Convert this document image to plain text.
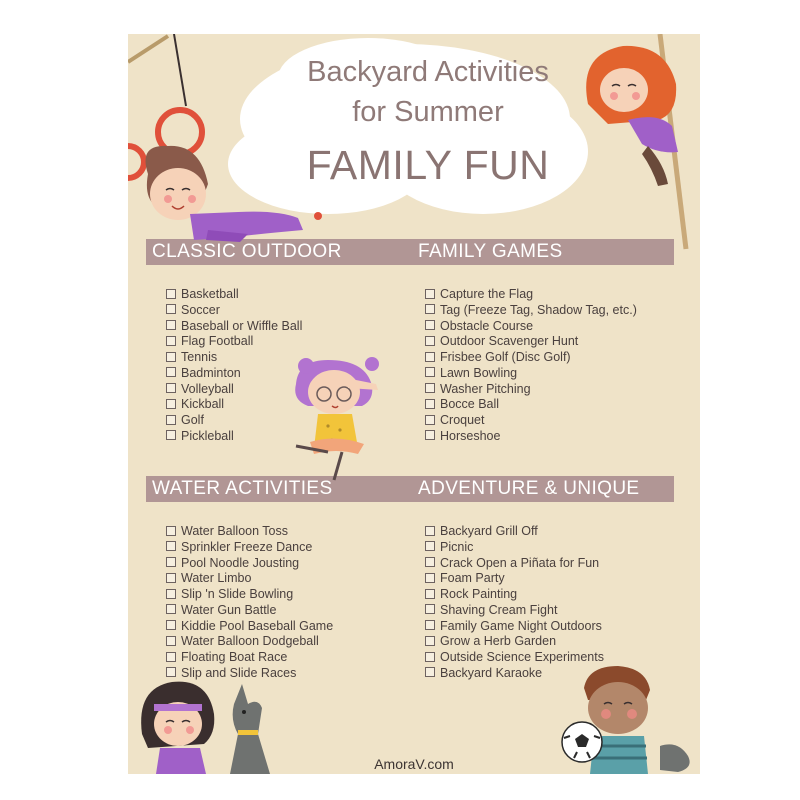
Backyard Activities
for Summer
FAMILY FUN
CLASSIC OUTDOOR	FAMILY GAMES
WATER ACTIVITIES	ADVENTURE & UNIQUE
Basketball
Soccer
Baseball or Wiffle Ball
Flag Football
Tennis
Badminton
Volleyball
Kickball
Golf
Pickleball
Capture the Flag
Tag (Freeze Tag, Shadow Tag, etc.)
Obstacle Course
Outdoor Scavenger Hunt
Frisbee Golf (Disc Golf)
Lawn Bowling
Washer Pitching
Bocce Ball
Croquet
Horseshoe
Water Balloon Toss
Sprinkler Freeze Dance
Pool Noodle Jousting
Water Limbo
Slip 'n Slide Bowling
Water Gun Battle
Kiddie Pool Baseball Game
Water Balloon Dodgeball
Floating Boat Race
Slip and Slide Races
Backyard Grill Off
Picnic
Crack Open a Piñata for Fun
Foam Party
Rock Painting
Shaving Cream Fight
Family Game Night Outdoors
Grow a Herb Garden
Outside Science Experiments
Backyard Karaoke
AmoraV.com
